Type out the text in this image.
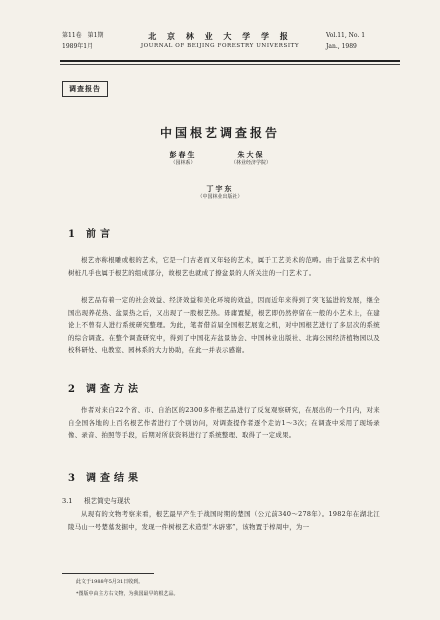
第11卷　第1期
1989年1月
北 京 林 业 大 学 学 报
JOURNAL OF BEIJING FORESTRY UNIVERSITY
Vol.11, No. 1
Jan., 1989
调查报告
中国根艺调查报告
彭春生
（园林系）
朱大保
（林业经济学院）
丁宇东
（中国林业出版社）
1 前言
根艺亦称根雕或根的艺术，它是一门古老而又年轻的艺术，属于工艺美术的范畴。由于盆景艺术中的树桩几乎也属于根艺的组成部分，故根艺也就成了撩盆景的人所关注的一门艺术了。
根艺品有着一定的社会效益、经济效益和美化环境的效益，因而近年来得到了突飞猛进的发展，继全国出现养花热、盆景热之后，又出现了一股根艺热。毋庸置疑，根艺即仍然停留在一般的小艺术上，在建论上不曾有人进行系统研究整理。为此，笔者借首届全国根艺展览之机，对中国根艺进行了多层次的系统的综合调查。在整个调查研究中，得到了中国花卉盆景协会、中国林业出版社、北海公园经济植物园以及校科研处、电教室、园林系的大力协助，在此一并表示感谢。
2 调查方法
作者对来自22个省、市、自治区的2300多件根艺品进行了反复观察研究，在展出的一个月内，对来自全国各地的上百名根艺作者进行了个别访问，对调查提作者逐个走访1～3次；在调查中采用了现场录像、录音、拍照等手段，后期对所获资料进行了系统整理、取得了一定成果。
3 调查结果
3.1 根艺简史与现状
从现有的文物考察来看，根艺最早产生于战国时期的楚国（公元前340～278年）。1982年在湖北江陵马山一号楚墓发掘中，发现一件树根艺术造型“木辟邪”，该物置于椁周中，为一
此文于1988年5月31日收到。
*图版中由主方右文物，为我国最早的根艺品。
